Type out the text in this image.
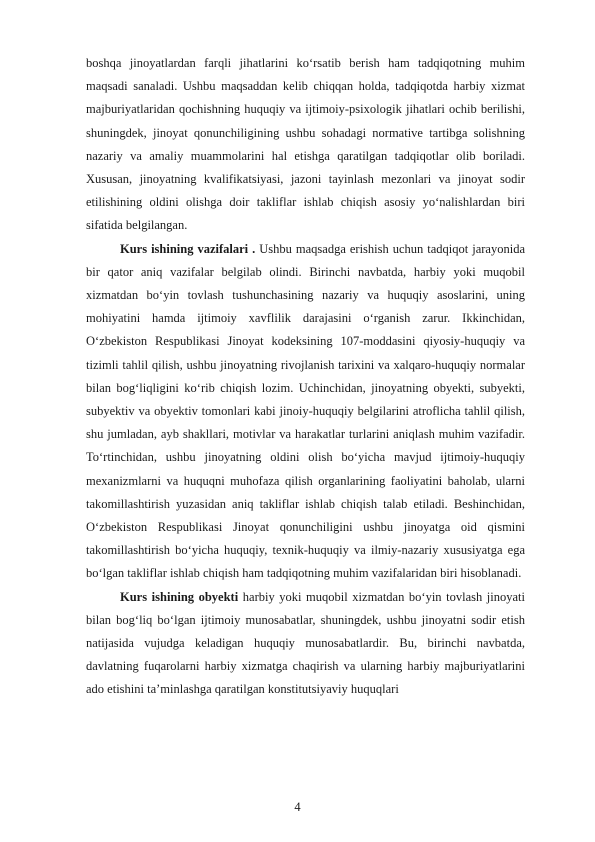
boshqa jinoyatlardan farqli jihatlarini ko‘rsatib berish ham tadqiqotning muhim maqsadi sanaladi. Ushbu maqsaddan kelib chiqqan holda, tadqiqotda harbiy xizmat majburiyatlaridan qochishning huquqiy va ijtimoiy-psixologik jihatlari ochib berilishi, shuningdek, jinoyat qonunchiligining ushbu sohadagi normative tartibga solishning nazariy va amaliy muammolarini hal etishga qaratilgan tadqiqotlar olib boriladi. Xususan, jinoyatning kvalifikatsiyasi, jazoni tayinlash mezonlari va jinoyat sodir etilishining oldini olishga doir takliflar ishlab chiqish asosiy yo‘nalishlardan biri sifatida belgilangan.

Kurs ishining vazifalari . Ushbu maqsadga erishish uchun tadqiqot jarayonida bir qator aniq vazifalar belgilab olindi. Birinchi navbatda, harbiy yoki muqobil xizmatdan bo‘yin tovlash tushunchasining nazariy va huquqiy asoslarini, uning mohiyatini hamda ijtimoiy xavflilik darajasini o‘rganish zarur. Ikkinchidan, O‘zbekiston Respublikasi Jinoyat kodeksining 107-moddasini qiyosiy-huquqiy va tizimli tahlil qilish, ushbu jinoyatning rivojlanish tarixini va xalqaro-huquqiy normalar bilan bog‘liqligini ko‘rib chiqish lozim. Uchinchidan, jinoyatning obyekti, subyekti, subyektiv va obyektiv tomonlari kabi jinoiy-huquqiy belgilarini atroflicha tahlil qilish, shu jumladan, ayb shakllari, motivlar va harakatlar turlarini aniqlash muhim vazifadir. To‘rtinchidan, ushbu jinoyatning oldini olish bo‘yicha mavjud ijtimoiy-huquqiy mexanizmlarni va huquqni muhofaza qilish organlarining faoliyatini baholab, ularni takomillashtirish yuzasidan aniq takliflar ishlab chiqish talab etiladi. Beshinchidan, O‘zbekiston Respublikasi Jinoyat qonunchiligini ushbu jinoyatga oid qismini takomillashtirish bo‘yicha huquqiy, texnik-huquqiy va ilmiy-nazariy xususiyatga ega bo‘lgan takliflar ishlab chiqish ham tadqiqotning muhim vazifalaridan biri hisoblanadi.

Kurs ishining obyekti harbiy yoki muqobil xizmatdan bo‘yin tovlash jinoyati bilan bog‘liq bo‘lgan ijtimoiy munosabatlar, shuningdek, ushbu jinoyatni sodir etish natijasida vujudga keladigan huquqiy munosabatlardir. Bu, birinchi navbatda, davlatning fuqarolarni harbiy xizmatga chaqirish va ularning harbiy majburiyatlarini ado etishini ta’minlashga qaratilgan konstitutsiyaviy huquqlari

4
